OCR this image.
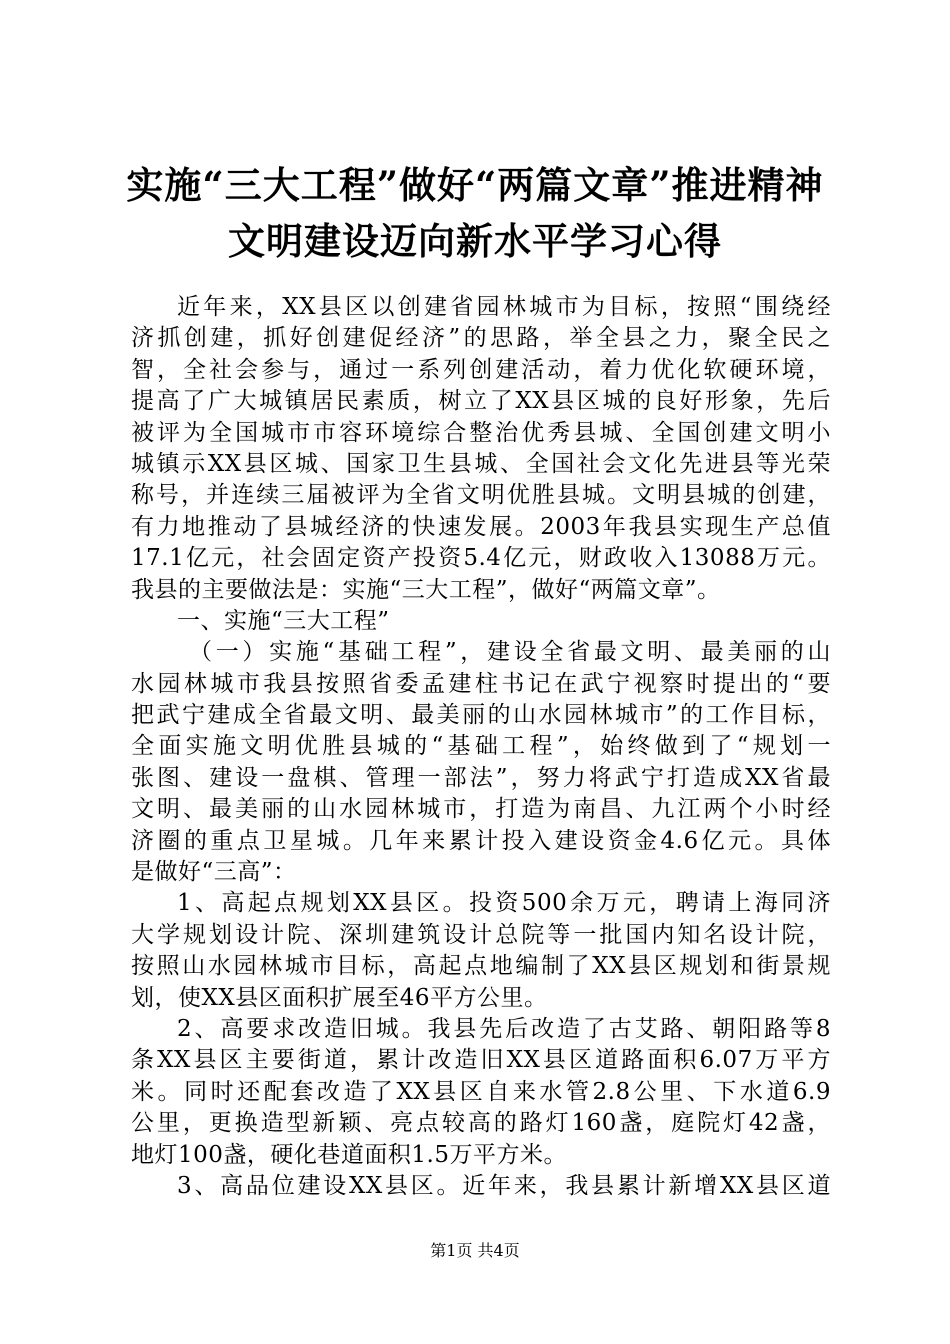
实施“三大工程”做好“两篇文章”推进精神
文明建设迈向新水平学习心得
近年来，XX县区以创建省园林城市为目标，按照“围绕经
济抓创建，抓好创建促经济”的思路，举全县之力，聚全民之
智，全社会参与，通过一系列创建活动，着力优化软硬环境，
提高了广大城镇居民素质，树立了XX县区城的良好形象，先后
被评为全国城市市容环境综合整治优秀县城、全国创建文明小
城镇示XX县区城、国家卫生县城、全国社会文化先进县等光荣
称号，并连续三届被评为全省文明优胜县城。文明县城的创建，
有力地推动了县城经济的快速发展。2003年我县实现生产总值
17.1亿元，社会固定资产投资5.4亿元，财政收入13088万元。
我县的主要做法是：实施“三大工程”，做好“两篇文章”。
一、实施“三大工程”
（一）实施“基础工程”，建设全省最文明、最美丽的山
水园林城市我县按照省委孟建柱书记在武宁视察时提出的“要
把武宁建成全省最文明、最美丽的山水园林城市”的工作目标，
全面实施文明优胜县城的“基础工程”，始终做到了“规划一
张图、建设一盘棋、管理一部法”，努力将武宁打造成XX省最
文明、最美丽的山水园林城市，打造为南昌、九江两个小时经
济圈的重点卫星城。几年来累计投入建设资金4.6亿元。具体
是做好“三高”：
1、高起点规划XX县区。投资500余万元，聘请上海同济
大学规划设计院、深圳建筑设计总院等一批国内知名设计院，
按照山水园林城市目标，高起点地编制了XX县区规划和街景规
划，使XX县区面积扩展至46平方公里。
2、高要求改造旧城。我县先后改造了古艾路、朝阳路等8
条XX县区主要街道，累计改造旧XX县区道路面积6.07万平方
米。同时还配套改造了XX县区自来水管2.8公里、下水道6.9
公里，更换造型新颖、亮点较高的路灯160盏，庭院灯42盏，
地灯100盏，硬化巷道面积1.5万平方米。
3、高品位建设XX县区。近年来，我县累计新增XX县区道
第1页 共4页
